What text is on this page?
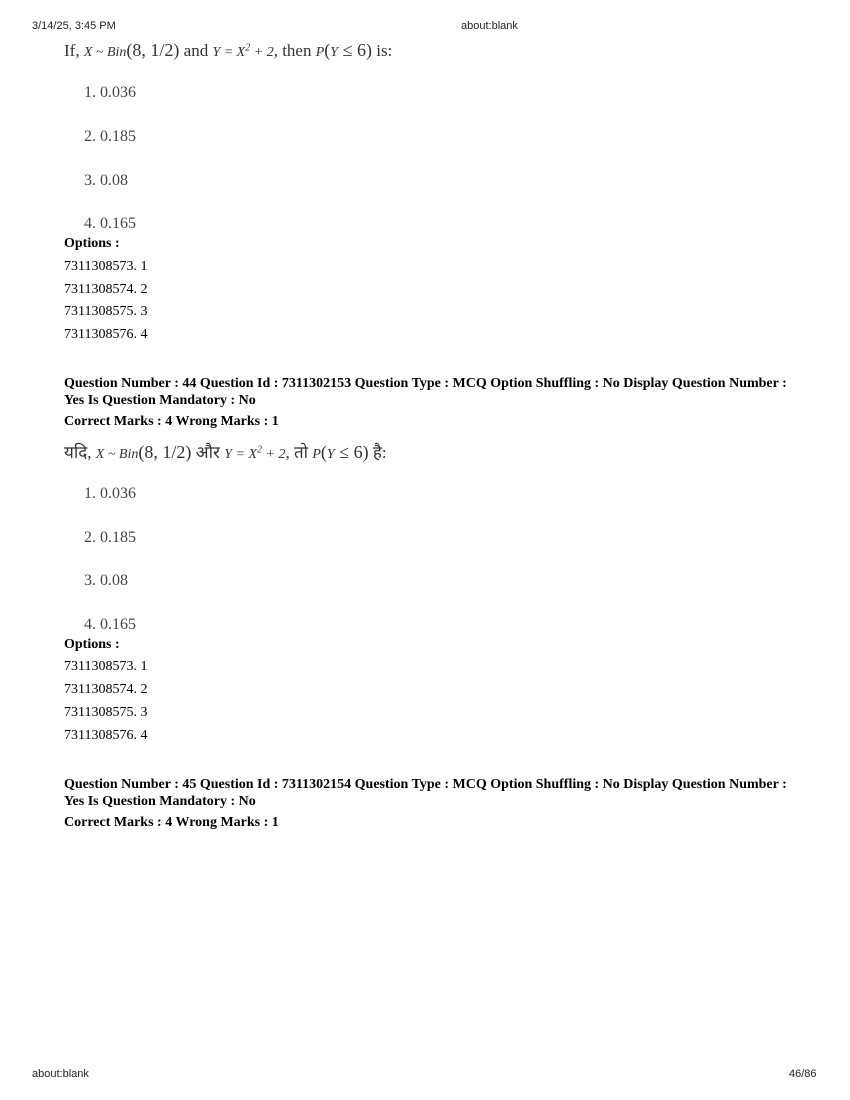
3/14/25, 3:45 PM	about:blank
If, X ~ Bin(8, 1/2) and $Y = X^2 + 2$, then P(Y ≤ 6) is:
1. 0.036
2. 0.185
3. 0.08
4. 0.165
Options :
7311308573. 1
7311308574. 2
7311308575. 3
7311308576. 4
Question Number : 44 Question Id : 7311302153 Question Type : MCQ Option Shuffling : No Display Question Number : Yes Is Question Mandatory : No
Correct Marks : 4 Wrong Marks : 1
यदि, X ~ Bin(8, 1/2) और $Y = X^2 + 2$, तो P(Y ≤ 6) है:
1. 0.036
2. 0.185
3. 0.08
4. 0.165
Options :
7311308573. 1
7311308574. 2
7311308575. 3
7311308576. 4
Question Number : 45 Question Id : 7311302154 Question Type : MCQ Option Shuffling : No Display Question Number : Yes Is Question Mandatory : No
Correct Marks : 4 Wrong Marks : 1
about:blank	46/86
